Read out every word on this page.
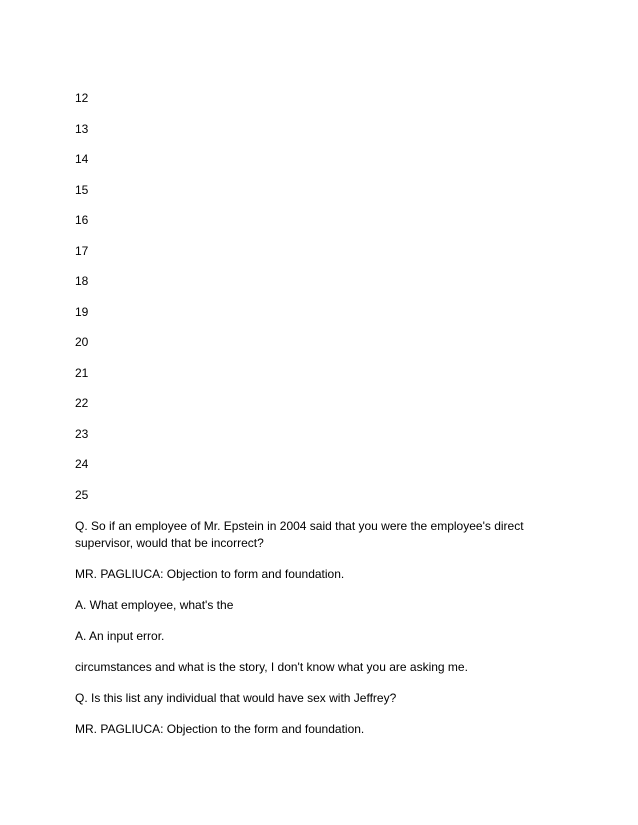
12
13
14
15
16
17
18
19
20
21
22
23
24
25

Q. So if an employee of Mr. Epstein in 2004 said that you were the employee's direct supervisor, would that be incorrect?

MR. PAGLIUCA: Objection to form and foundation.

A. What employee, what's the

A. An input error.

circumstances and what is the story, I don't know what you are asking me.

Q. Is this list any individual that would have sex with Jeffrey?

MR. PAGLIUCA: Objection to the form and foundation.
